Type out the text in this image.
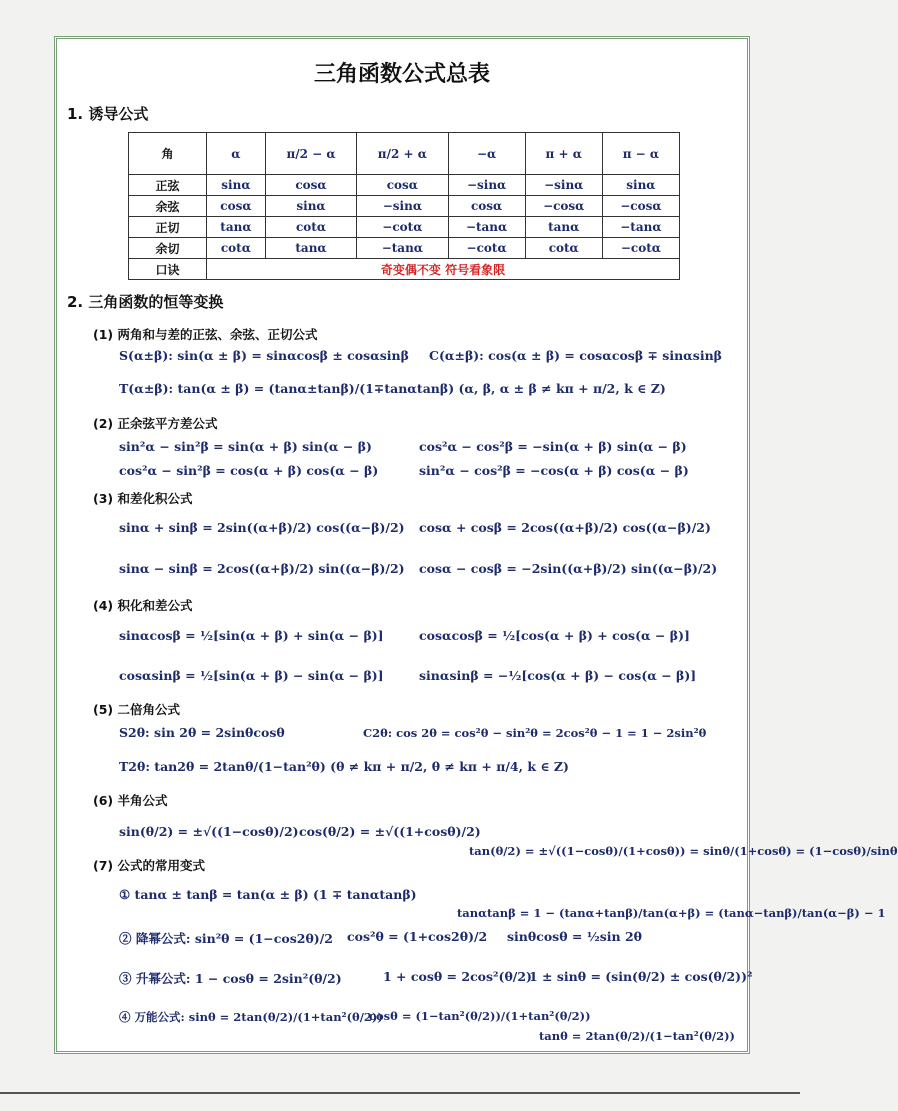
三角函数公式总表
1. 诱导公式
角	α	π/2 − α	π/2 + α	−α	π + α	π − α
正弦	sinα	cosα	cosα	−sinα	−sinα	sinα
余弦	cosα	sinα	−sinα	cosα	−cosα	−cosα
正切	tanα	cotα	−cotα	−tanα	tanα	−tanα
余切	cotα	tanα	−tanα	−cotα	cotα	−cotα
口诀	奇变偶不变 符号看象限					
2. 三角函数的恒等变换
(1) 两角和与差的正弦、余弦、正切公式
S(α±β): sin(α ± β) = sinαcosβ ± cosαsinβ C(α±β): cos(α ± β) = cosαcosβ ∓ sinαsinβ
T(α±β): tan(α ± β) = (tanα±tanβ)/(1∓tanαtanβ) (α, β, α ± β ≠ kπ + π/2, k ∈ Z)
(2) 正余弦平方差公式
sin²α − sin²β = sin(α + β) sin(α − β)	cos²α − cos²β = −sin(α + β) sin(α − β)
cos²α − sin²β = cos(α + β) cos(α − β)	sin²α − cos²β = −cos(α + β) cos(α − β)
(3) 和差化积公式
sinα + sinβ = 2sin((α+β)/2) cos((α−β)/2) cosα + cosβ = 2cos((α+β)/2) cos((α−β)/2)
sinα − sinβ = 2cos((α+β)/2) sin((α−β)/2) cosα − cosβ = −2sin((α+β)/2) sin((α−β)/2)
(4) 积化和差公式
sinαcosβ = ½[sin(α + β) + sin(α − β)]	cosαcosβ = ½[cos(α + β) + cos(α − β)]
cosαsinβ = ½[sin(α + β) − sin(α − β)]	sinαsinβ = −½[cos(α + β) − cos(α − β)]
(5) 二倍角公式
S2θ: sin 2θ = 2sinθcosθ	C2θ: cos 2θ = cos²θ − sin²θ = 2cos²θ − 1 = 1 − 2sin²θ
T2θ: tan2θ = 2tanθ/(1−tan²θ) (θ ≠ kπ + π/2, θ ≠ kπ + π/4, k ∈ Z)
(6) 半角公式
sin(θ/2) = ±√((1−cosθ)/2) cos(θ/2) = ±√((1+cosθ)/2)
tan(θ/2) = ±√((1−cosθ)/(1+cosθ)) = sinθ/(1+cosθ) = (1−cosθ)/sinθ
(7) 公式的常用变式
① tanα ± tanβ = tan(α ± β) (1 ∓ tanαtanβ)
tanαtanβ = 1 − (tanα+tanβ)/tan(α+β) = (tanα−tanβ)/tan(α−β) − 1
② 降幂公式: sin²θ = (1−cos2θ)/2 cos²θ = (1+cos2θ)/2 sinθcosθ = ½sin 2θ
③ 升幂公式: 1 − cosθ = 2sin²(θ/2)	1 + cosθ = 2cos²(θ/2)
1 ± sinθ = (sin(θ/2) ± cos(θ/2))²
④ 万能公式: sinθ = 2tan(θ/2)/(1+tan²(θ/2))
cosθ = (1−tan²(θ/2))/(1+tan²(θ/2))
tanθ = 2tan(θ/2)/(1−tan²(θ/2))
